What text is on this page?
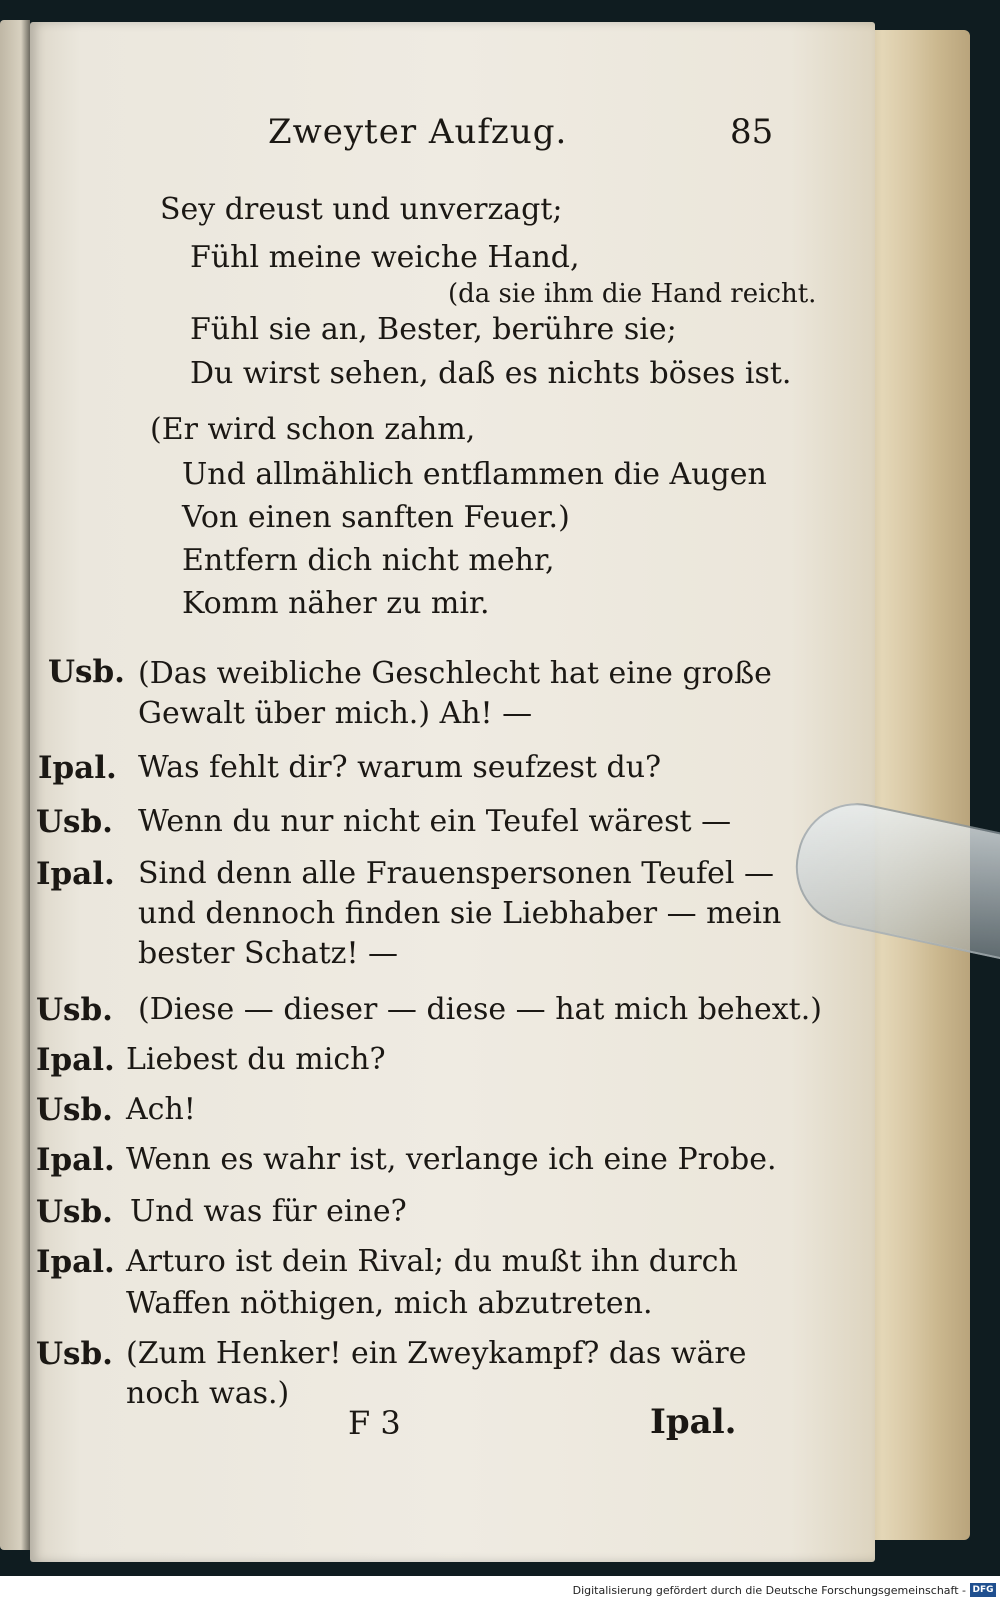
Zweyter Aufzug.	85
Sey dreust und unverzagt;
Fühl meine weiche Hand,
(da sie ihm die Hand reicht.
Fühl sie an, Bester, berühre sie;
Du wirst sehen, daß es nichts böses ist.
(Er wird schon zahm,
Und allmählich entflammen die Augen
Von einen sanften Feuer.)
Entfern dich nicht mehr,
Komm näher zu mir.
Usb. (Das weibliche Geschlecht hat eine große
Gewalt über mich.) Ah! —
Ipal. Was fehlt dir? warum seufzest du?
Usb. Wenn du nur nicht ein Teufel wärest —
Ipal. Sind denn alle Frauenspersonen Teufel —
und dennoch finden sie Liebhaber — mein
bester Schatz! —
Usb. (Diese — dieser — diese — hat mich behext.)
Ipal. Liebest du mich?
Usb. Ach!
Ipal. Wenn es wahr ist, verlange ich eine Probe.
Usb. Und was für eine?
Ipal. Arturo ist dein Rival; du mußt ihn durch
Waffen nöthigen, mich abzutreten.
Usb. (Zum Henker! ein Zweykampf? das wäre
noch was.)
F 3	Ipal.
Digitalisierung gefördert durch die Deutsche Forschungsgemeinschaft - DFG
